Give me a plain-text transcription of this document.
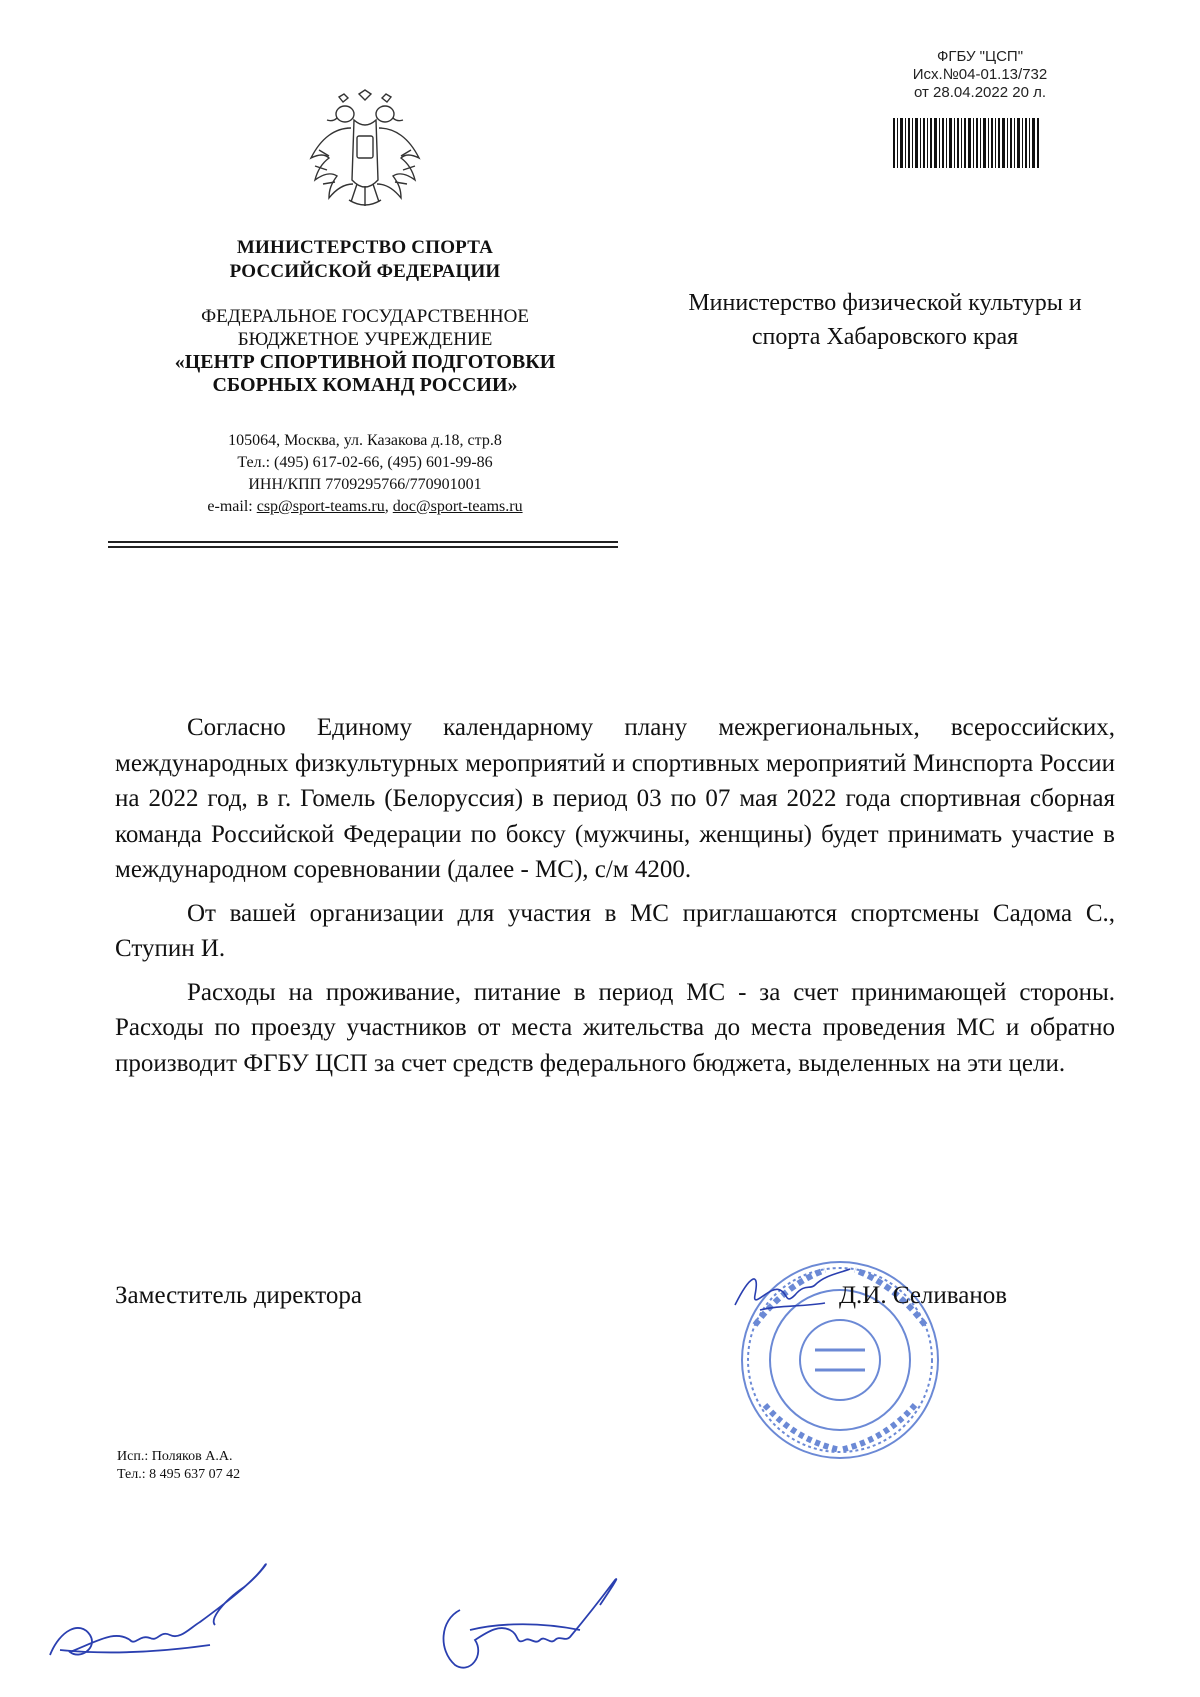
ФГБУ "ЦСП"
Исх.№04-01.13/732
от 28.04.2022 20 л.
МИНИСТЕРСТВО СПОРТА
РОССИЙСКОЙ ФЕДЕРАЦИИ
ФЕДЕРАЛЬНОЕ ГОСУДАРСТВЕННОЕ
БЮДЖЕТНОЕ УЧРЕЖДЕНИЕ
«ЦЕНТР СПОРТИВНОЙ ПОДГОТОВКИ
СБОРНЫХ КОМАНД РОССИИ»
105064, Москва, ул. Казакова д.18, стр.8
Тел.: (495) 617-02-66, (495) 601-99-86
ИНН/КПП 7709295766/770901001
e-mail: csp@sport-teams.ru, doc@sport-teams.ru
Министерство физической культуры и
спорта Хабаровского края

Согласно Единому календарному плану межрегиональных, всероссийских, международных физкультурных мероприятий и спортивных мероприятий Минспорта России на 2022 год, в г. Гомель (Белоруссия) в период 03 по 07 мая 2022 года спортивная сборная команда Российской Федерации по боксу (мужчины, женщины) будет принимать участие в международном соревновании (далее - МС), с/м 4200.

От вашей организации для участия в МС приглашаются спортсмены Садома С., Ступин И.

Расходы на проживание, питание в период МС - за счет принимающей стороны. Расходы по проезду участников от места жительства до места проведения МС и обратно производит ФГБУ ЦСП за счет средств федерального бюджета, выделенных на эти цели.

Заместитель директора	Д.И. Селиванов
Исп.: Поляков А.А.
Тел.: 8 495 637 07 42
